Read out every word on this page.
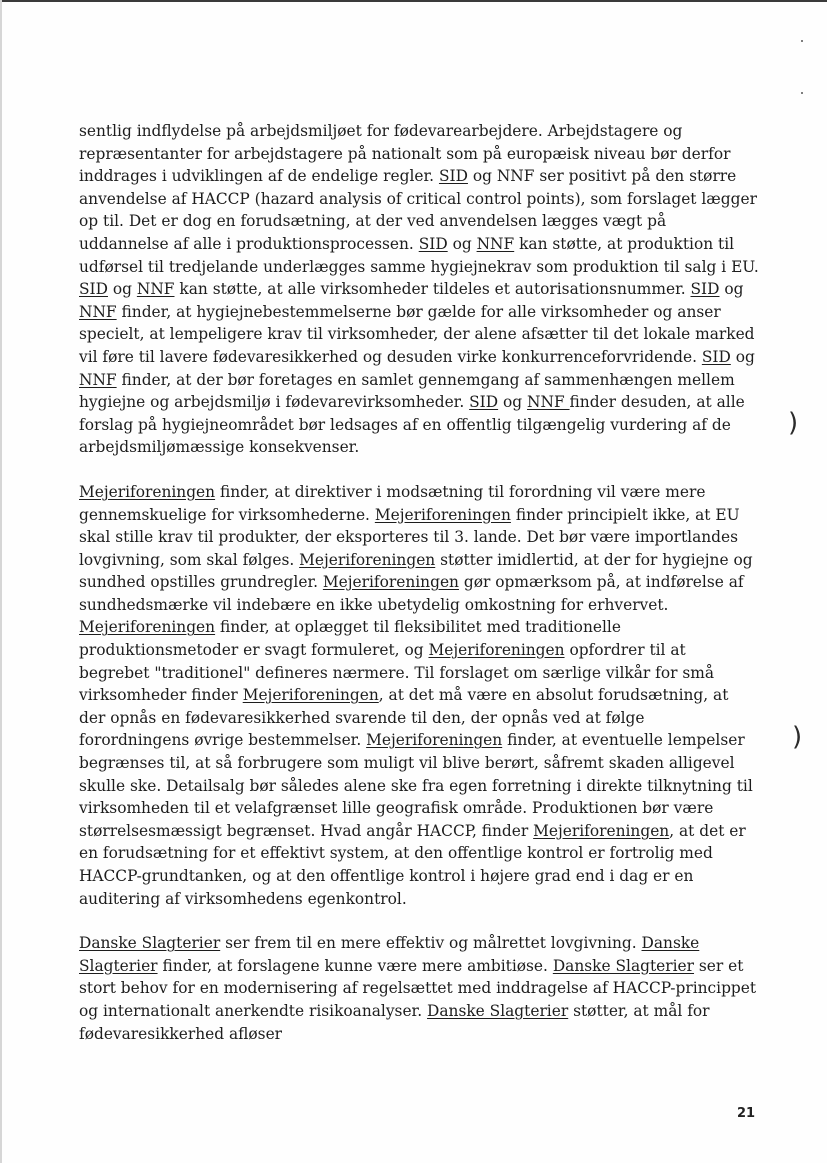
sentlig indflydelse på arbejdsmiljøet for fødevarearbejdere. Arbejdstagere og repræsentanter for arbejdstagere på nationalt som på europæisk niveau bør derfor inddrages i udviklingen af de endelige regler. SID og NNF ser positivt på den større anvendelse af HACCP (hazard analysis of critical control points), som forslaget lægger op til. Det er dog en forudsætning, at der ved anvendelsen lægges vægt på uddannelse af alle i produktionsprocessen. SID og NNF kan støtte, at produktion til udførsel til tredjelande underlægges samme hygiejnekrav som produktion til salg i EU. SID og NNF kan støtte, at alle virksomheder tildeles et autorisationsnummer. SID og NNF finder, at hygiejnebestemmelserne bør gælde for alle virksomheder og anser specielt, at lempeligere krav til virksomheder, der alene afsætter til det lokale marked vil føre til lavere fødevaresikkerhed og desuden virke konkurrenceforvridende. SID og NNF finder, at der bør foretages en samlet gennemgang af sammenhængen mellem hygiejne og arbejdsmiljø i fødevarevirksomheder. SID og NNF finder desuden, at alle forslag på hygiejneområdet bør ledsages af en offentlig tilgængelig vurdering af de arbejdsmiljømæssige konsekvenser.

Mejeriforeningen finder, at direktiver i modsætning til forordning vil være mere gennemskuelige for virksomhederne. Mejeriforeningen finder principielt ikke, at EU skal stille krav til produkter, der eksporteres til 3. lande. Det bør være importlandes lovgivning, som skal følges. Mejeriforeningen støtter imidlertid, at der for hygiejne og sundhed opstilles grundregler. Mejeriforeningen gør opmærksom på, at indførelse af sundhedsmærke vil indebære en ikke ubetydelig omkostning for erhvervet. Mejeriforeningen finder, at oplægget til fleksibilitet med traditionelle produktionsmetoder er svagt formuleret, og Mejeriforeningen opfordrer til at begrebet "traditionel" defineres nærmere. Til forslaget om særlige vilkår for små virksomheder finder Mejeriforeningen, at det må være en absolut forudsætning, at der opnås en fødevaresikkerhed svarende til den, der opnås ved at følge forordningens øvrige bestemmelser. Mejeriforeningen finder, at eventuelle lempelser begrænses til, at så forbrugere som muligt vil blive berørt, såfremt skaden alligevel skulle ske. Detailsalg bør således alene ske fra egen forretning i direkte tilknytning til virksomheden til et velafgrænset lille geografisk område. Produktionen bør være størrelsesmæssigt begrænset. Hvad angår HACCP, finder Mejeriforeningen, at det er en forudsætning for et effektivt system, at den offentlige kontrol er fortrolig med HACCP-grundtanken, og at den offentlige kontrol i højere grad end i dag er en auditering af virksomhedens egenkontrol.

Danske Slagterier ser frem til en mere effektiv og målrettet lovgivning. Danske Slagterier finder, at forslagene kunne være mere ambitiøse. Danske Slagterier ser et stort behov for en modernisering af regelsættet med inddragelse af HACCP-princippet og internationalt anerkendte risikoanalyser. Danske Slagterier støtter, at mål for fødevaresikkerhed afløser

)
)
21
